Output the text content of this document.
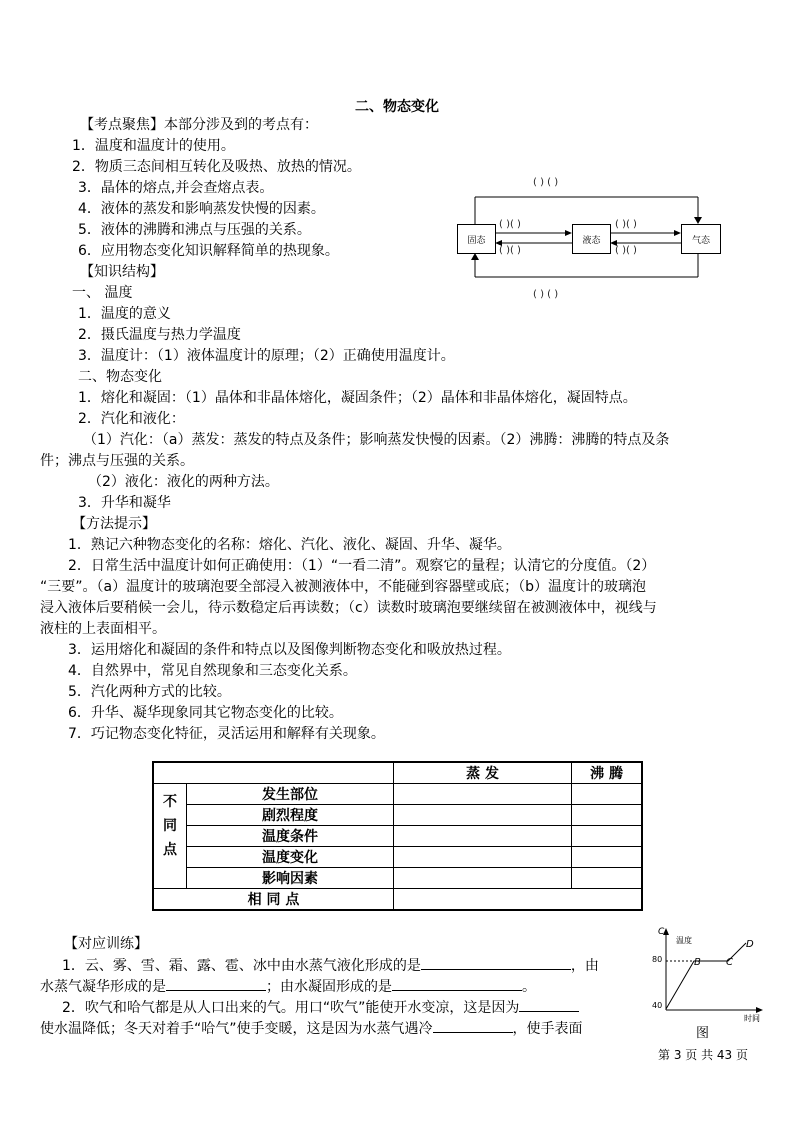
二、物态变化
【考点聚焦】本部分涉及到的考点有：
1．温度和温度计的使用。
2．物质三态间相互转化及吸热、放热的情况。
3．晶体的熔点,并会查熔点表。
4．液体的蒸发和影响蒸发快慢的因素。
5．液体的沸腾和沸点与压强的关系。
6．应用物态变化知识解释简单的热现象。
( ) ( )
( ) ( )
固态	液态	气态
( )( )
( )( )
( )( )
( )( )
【知识结构】
一、 温度
1．温度的意义
2．摄氏温度与热力学温度
3．温度计：（1）液体温度计的原理；（2）正确使用温度计。
二、物态变化
1．熔化和凝固：（1）晶体和非晶体熔化，凝固条件；（2）晶体和非晶体熔化，凝固特点。
2．汽化和液化：
（1）汽化：（a）蒸发：蒸发的特点及条件；影响蒸发快慢的因素。（2）沸腾：沸腾的特点及条
件；沸点与压强的关系。
（2）液化：液化的两种方法。
3．升华和凝华
【方法提示】
1．熟记六种物态变化的名称：熔化、汽化、液化、凝固、升华、凝华。
2．日常生活中温度计如何正确使用：（1）“一看二清”。观察它的量程；认清它的分度值。（2）
“三要”。（a）温度计的玻璃泡要全部浸入被测液体中，不能碰到容器壁或底；（b）温度计的玻璃泡
浸入液体后要稍候一会儿，待示数稳定后再读数；（c）读数时玻璃泡要继续留在被测液体中，视线与
液柱的上表面相平。
3．运用熔化和凝固的条件和特点以及图像判断物态变化和吸放热过程。
4．自然界中，常见自然现象和三态变化关系。
5．汽化两种方式的比较。
6．升华、凝华现象同其它物态变化的比较。
7．巧记物态变化特征，灵活运用和解释有关现象。
		蒸 发	沸 腾

不
同
点	发生部位		
	剧烈程度		
	温度条件		
	温度变化		
	影响因素		
相 同 点			
【对应训练】
1．云、雾、雪、霜、露、雹、冰中由水蒸气液化形成的是	，由
水蒸气凝华形成的是	；由水凝固形成的是	。
2．吹气和哈气都是从人口出来的气。用口“吹气”能使开水变凉，这是因为
使水温降低；冬天对着手“哈气”使手变暖，这是因为水蒸气遇冷	，使手表面
C
温度
80
40
B	C
D
时间
图
第 3 页 共 43 页
